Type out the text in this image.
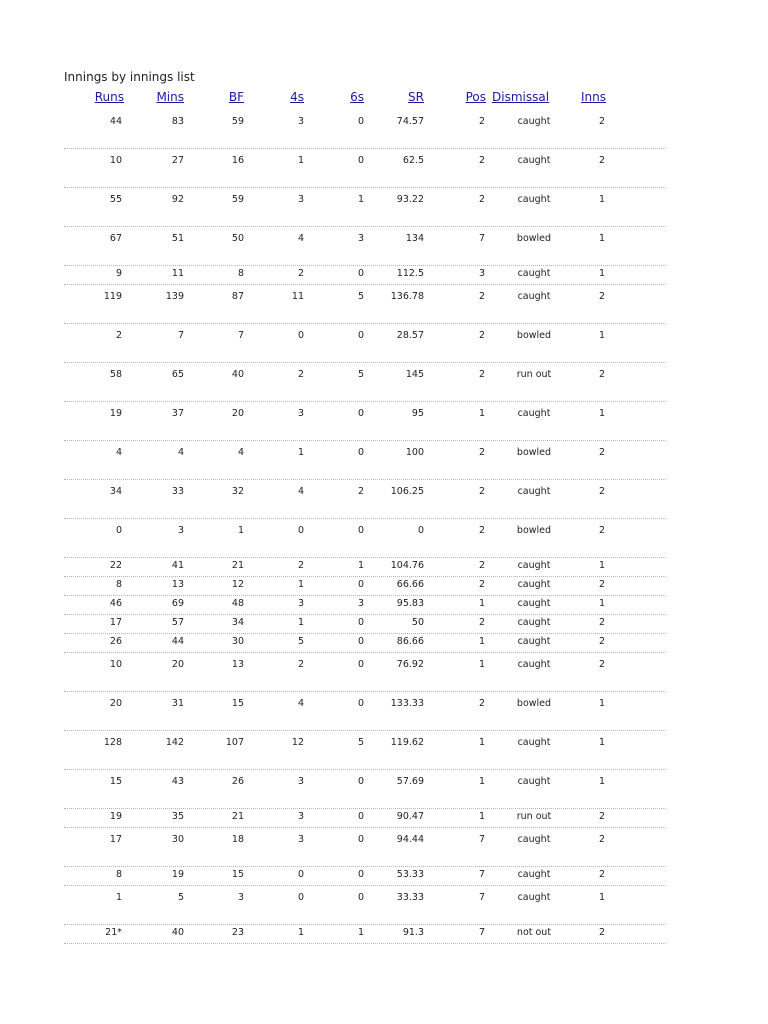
Innings by innings list
Runs	Mins	BF	4s	6s	SR	Pos Dismissal	Inns
44	83	59	3	0	74.57	2	caught	2
10	27	16	1	0	62.5	2	caught	2
55	92	59	3	1	93.22	2	caught	1
67	51	50	4	3	134	7	bowled	1
9	11	8	2	0	112.5	3	caught	1
119	139	87	11	5	136.78	2	caught	2
2	7	7	0	0	28.57	2	bowled	1
58	65	40	2	5	145	2	run out	2
19	37	20	3	0	95	1	caught	1
4	4	4	1	0	100	2	bowled	2
34	33	32	4	2	106.25	2	caught	2
0	3	1	0	0	0	2	bowled	2
22	41	21	2	1	104.76	2	caught	1
8	13	12	1	0	66.66	2	caught	2
46	69	48	3	3	95.83	1	caught	1
17	57	34	1	0	50	2	caught	2
26	44	30	5	0	86.66	1	caught	2
10	20	13	2	0	76.92	1	caught	2
20	31	15	4	0	133.33	2	bowled	1
128	142	107	12	5	119.62	1	caught	1
15	43	26	3	0	57.69	1	caught	1
19	35	21	3	0	90.47	1	run out	2
17	30	18	3	0	94.44	7	caught	2
8	19	15	0	0	53.33	7	caught	2
1	5	3	0	0	33.33	7	caught	1
21*	40	23	1	1	91.3	7	not out	2
